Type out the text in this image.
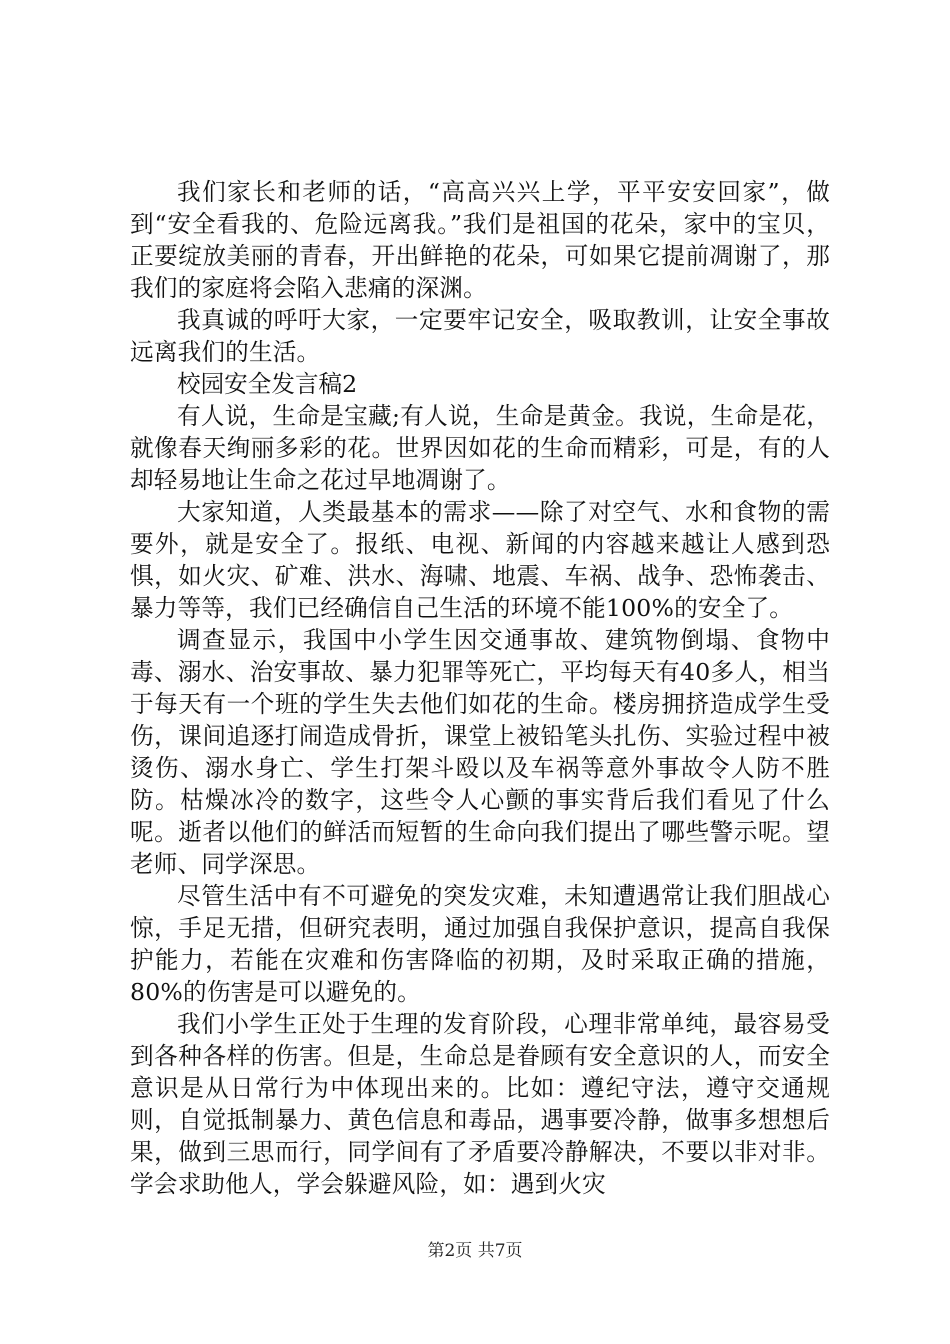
我们家长和老师的话，“高高兴兴上学，平平安安回家”，做到“安全看我的、危险远离我。”我们是祖国的花朵，家中的宝贝，正要绽放美丽的青春，开出鲜艳的花朵，可如果它提前凋谢了，那我们的家庭将会陷入悲痛的深渊。

我真诚的呼吁大家，一定要牢记安全，吸取教训，让安全事故远离我们的生活。

校园安全发言稿2

有人说，生命是宝藏;有人说，生命是黄金。我说，生命是花，就像春天绚丽多彩的花。世界因如花的生命而精彩，可是，有的人却轻易地让生命之花过早地凋谢了。

大家知道，人类最基本的需求——除了对空气、水和食物的需要外，就是安全了。报纸、电视、新闻的内容越来越让人感到恐惧，如火灾、矿难、洪水、海啸、地震、车祸、战争、恐怖袭击、暴力等等，我们已经确信自己生活的环境不能100%的安全了。

调查显示，我国中小学生因交通事故、建筑物倒塌、食物中毒、溺水、治安事故、暴力犯罪等死亡，平均每天有40多人，相当于每天有一个班的学生失去他们如花的生命。楼房拥挤造成学生受伤，课间追逐打闹造成骨折，课堂上被铅笔头扎伤、实验过程中被烫伤、溺水身亡、学生打架斗殴以及车祸等意外事故令人防不胜防。枯燥冰冷的数字，这些令人心颤的事实背后我们看见了什么呢。逝者以他们的鲜活而短暂的生命向我们提出了哪些警示呢。望老师、同学深思。

尽管生活中有不可避免的突发灾难，未知遭遇常让我们胆战心惊，手足无措，但研究表明，通过加强自我保护意识，提高自我保护能力，若能在灾难和伤害降临的初期，及时采取正确的措施，80%的伤害是可以避免的。

我们小学生正处于生理的发育阶段，心理非常单纯，最容易受到各种各样的伤害。但是，生命总是眷顾有安全意识的人，而安全意识是从日常行为中体现出来的。比如：遵纪守法，遵守交通规则，自觉抵制暴力、黄色信息和毒品，遇事要冷静，做事多想想后果，做到三思而行，同学间有了矛盾要冷静解决，不要以非对非。学会求助他人，学会躲避风险，如：遇到火灾

第2页 共7页
